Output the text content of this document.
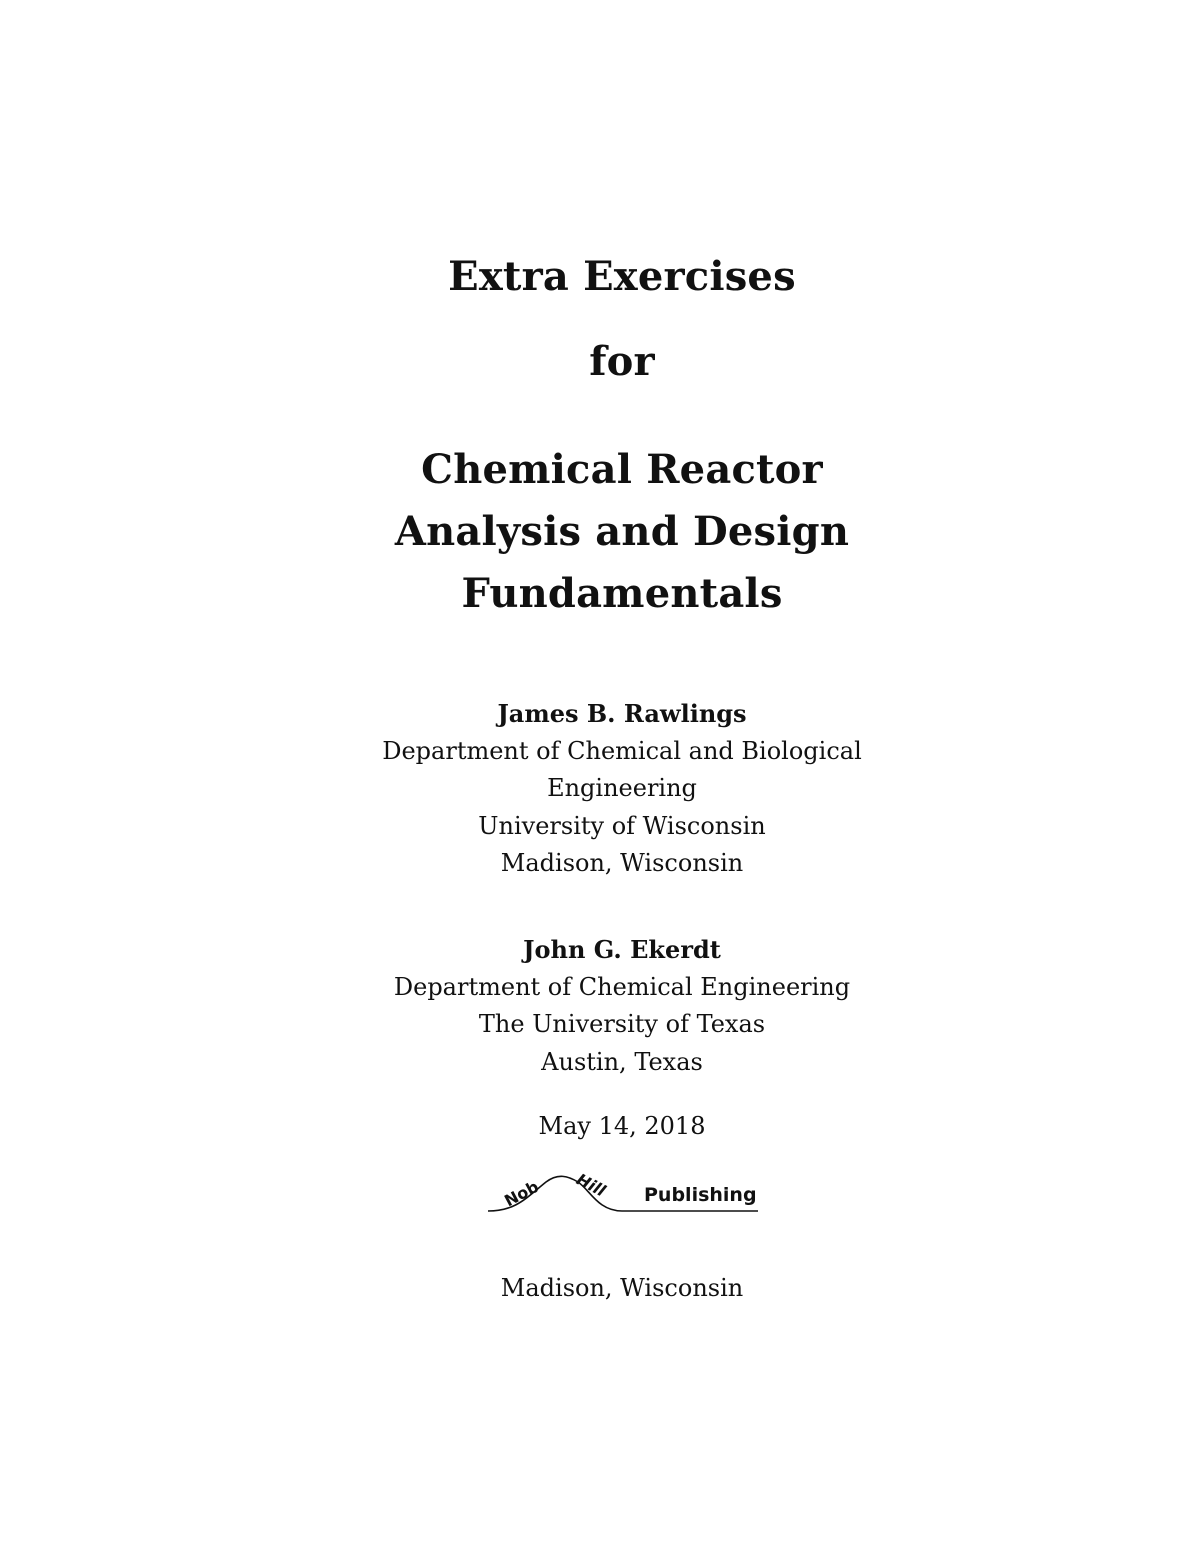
Extra Exercises
for
Chemical Reactor
Analysis and Design
Fundamentals
James B. Rawlings
Department of Chemical and Biological
Engineering
University of Wisconsin
Madison, Wisconsin
John G. Ekerdt
Department of Chemical Engineering
The University of Texas
Austin, Texas
May 14, 2018
Nob Hill Publishing
Madison, Wisconsin
